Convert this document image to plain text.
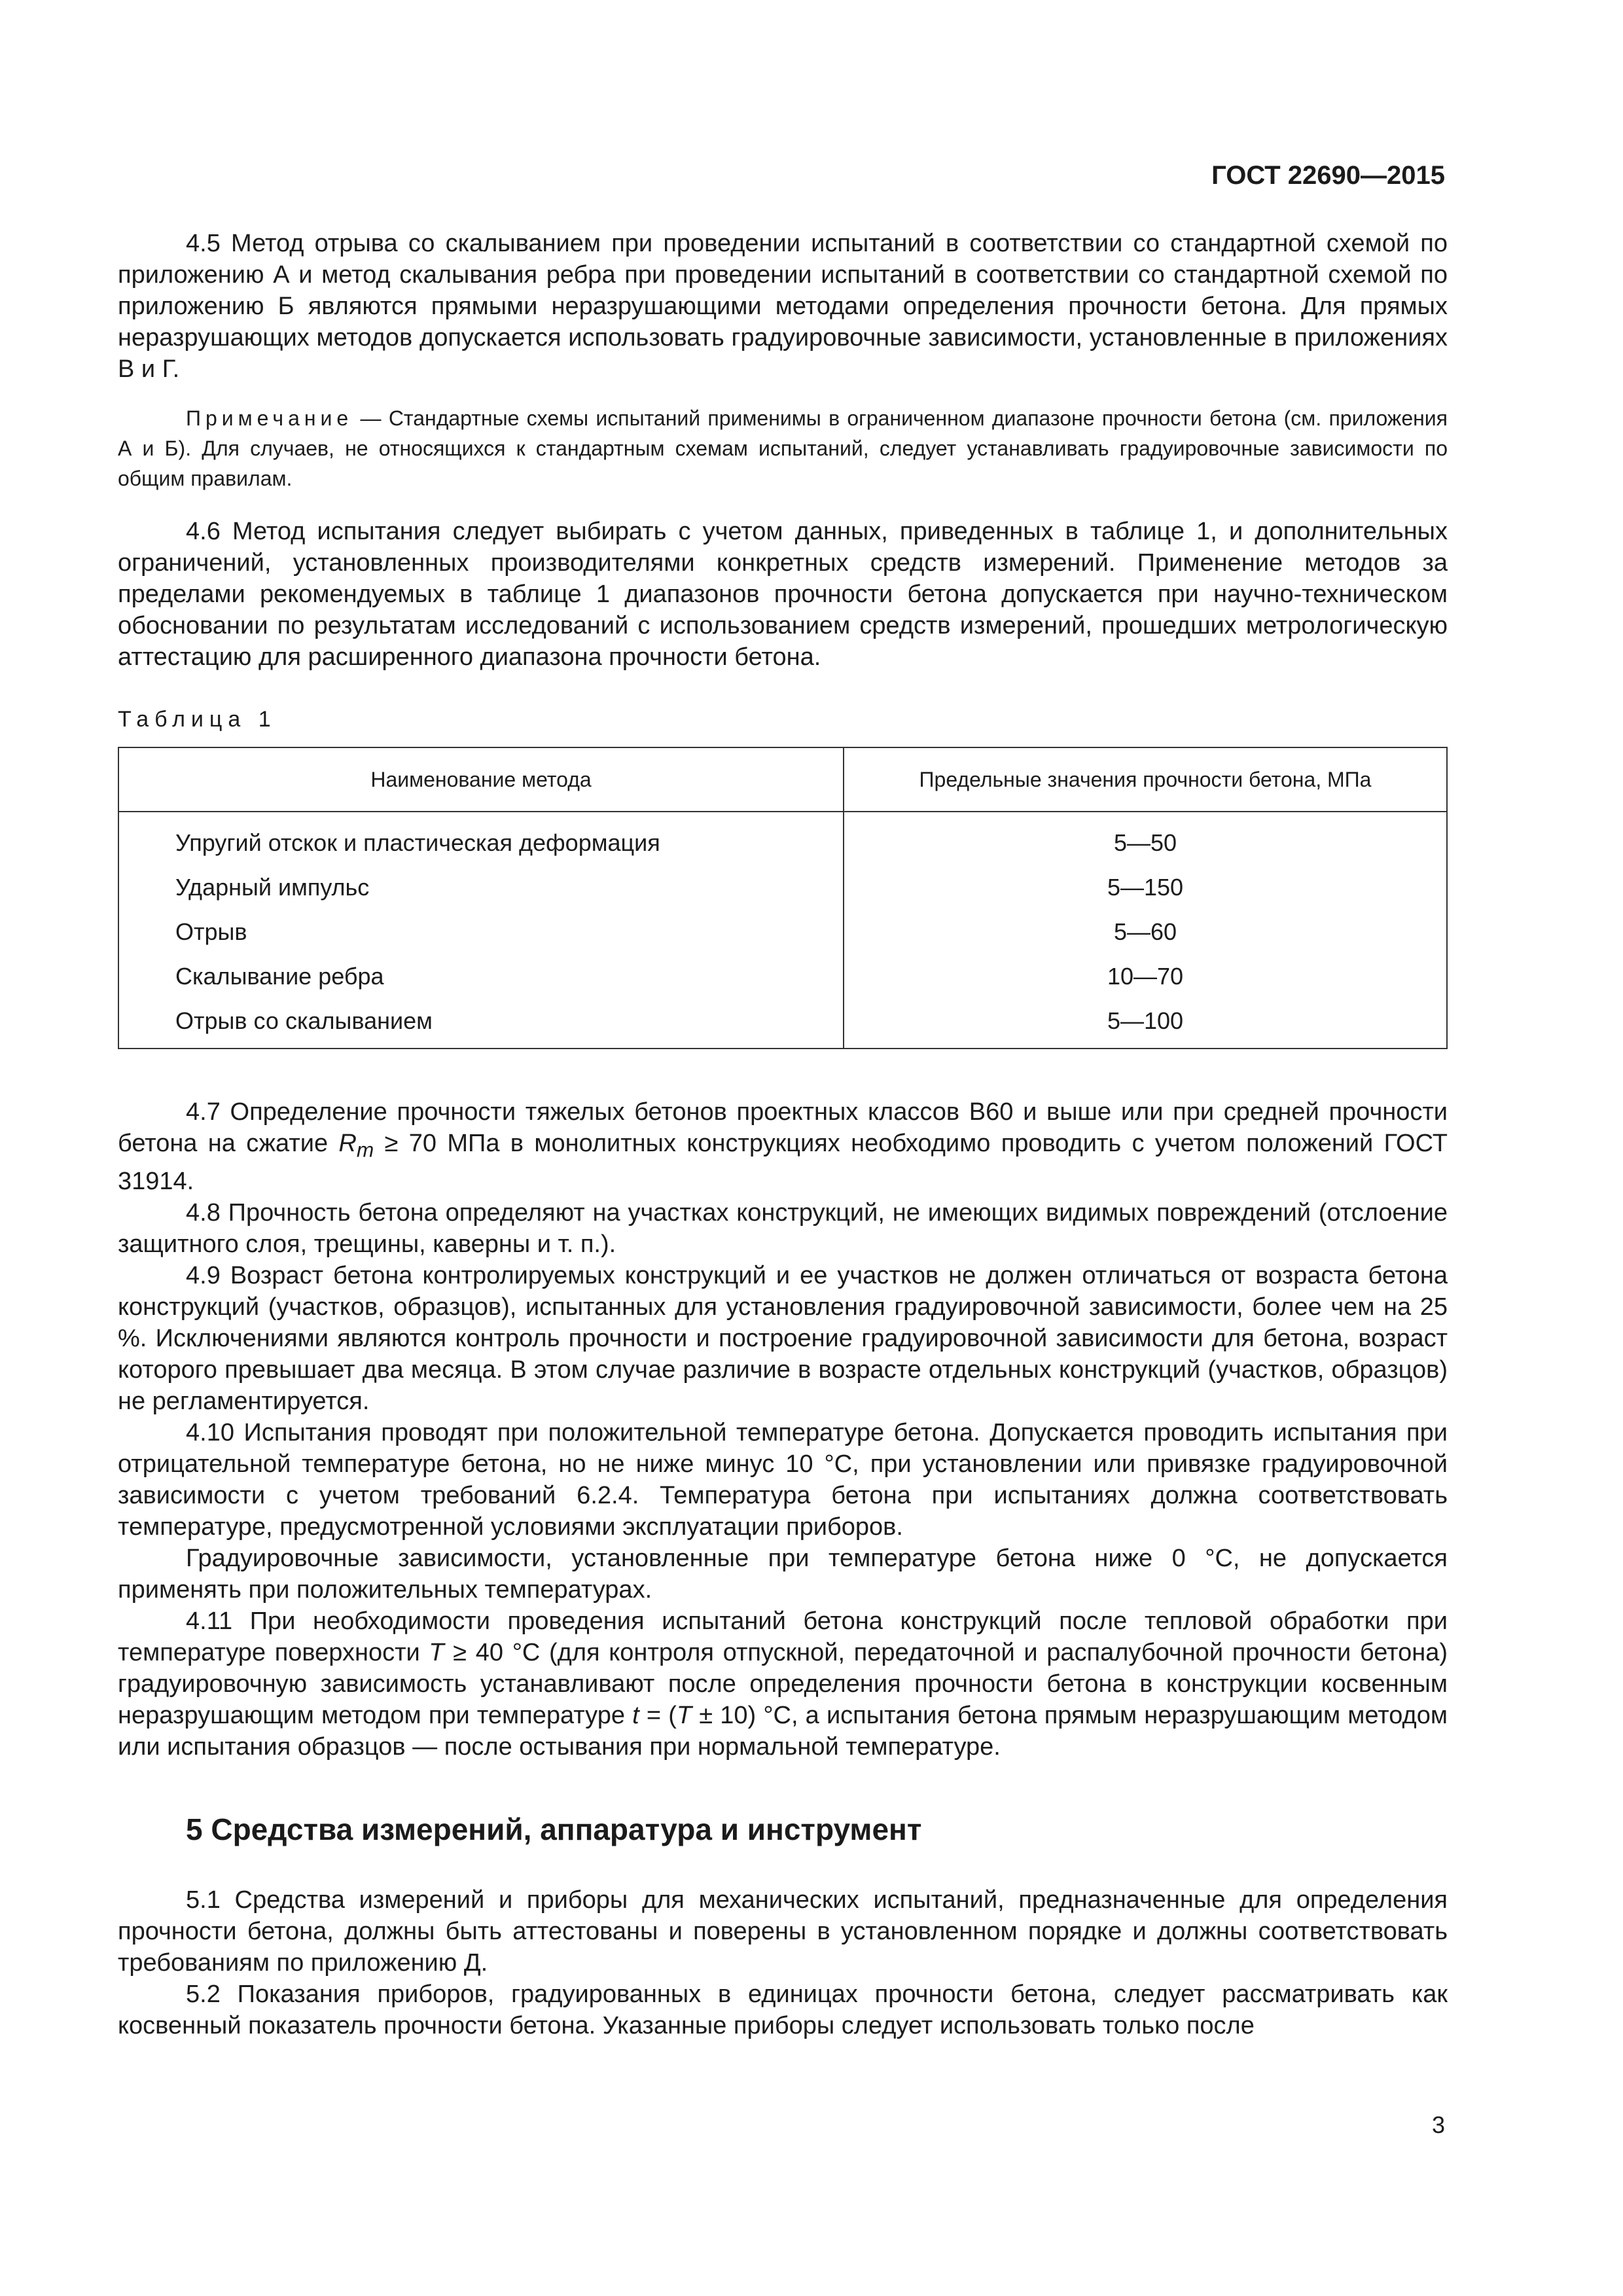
ГОСТ 22690—2015

4.5 Метод отрыва со скалыванием при проведении испытаний в соответствии со стандартной схемой по приложению А и метод скалывания ребра при проведении испытаний в соответствии со стандартной схемой по приложению Б являются прямыми неразрушающими методами определения прочности бетона. Для прямых неразрушающих методов допускается использовать градуировочные зависимости, установленные в приложениях В и Г.

Примечание — Стандартные схемы испытаний применимы в ограниченном диапазоне прочности бетона (см. приложения А и Б). Для случаев, не относящихся к стандартным схемам испытаний, следует устанавливать градуировочные зависимости по общим правилам.

4.6 Метод испытания следует выбирать с учетом данных, приведенных в таблице 1, и дополнительных ограничений, установленных производителями конкретных средств измерений. Применение методов за пределами рекомендуемых в таблице 1 диапазонов прочности бетона допускается при научно-техническом обосновании по результатам исследований с использованием средств измерений, прошедших метрологическую аттестацию для расширенного диапазона прочности бетона.

Таблица 1
Наименование метода	Предельные значения прочности бетона, МПа
Упругий отскок и пластическая деформация	5—50
Ударный импульс	5—150
Отрыв	5—60
Скалывание ребра	10—70
Отрыв со скалыванием	5—100

4.7 Определение прочности тяжелых бетонов проектных классов В60 и выше или при средней прочности бетона на сжатие $R_m \ge 70$ МПа в монолитных конструкциях необходимо проводить с учетом положений ГОСТ 31914.

4.8 Прочность бетона определяют на участках конструкций, не имеющих видимых повреждений (отслоение защитного слоя, трещины, каверны и т. п.).

4.9 Возраст бетона контролируемых конструкций и ее участков не должен отличаться от возраста бетона конструкций (участков, образцов), испытанных для установления градуировочной зависимости, более чем на 25 %. Исключениями являются контроль прочности и построение градуировочной зависимости для бетона, возраст которого превышает два месяца. В этом случае различие в возрасте отдельных конструкций (участков, образцов) не регламентируется.

4.10 Испытания проводят при положительной температуре бетона. Допускается проводить испытания при отрицательной температуре бетона, но не ниже минус 10 °С, при установлении или привязке градуировочной зависимости с учетом требований 6.2.4. Температура бетона при испытаниях должна соответствовать температуре, предусмотренной условиями эксплуатации приборов.

Градуировочные зависимости, установленные при температуре бетона ниже 0 °С, не допускается применять при положительных температурах.

4.11 При необходимости проведения испытаний бетона конструкций после тепловой обработки при температуре поверхности T ≥ 40 °С (для контроля отпускной, передаточной и распалубочной прочности бетона) градуировочную зависимость устанавливают после определения прочности бетона в конструкции косвенным неразрушающим методом при температуре t = (T ± 10) °С, а испытания бетона прямым неразрушающим методом или испытания образцов — после остывания при нормальной температуре.

5 Средства измерений, аппаратура и инструмент

5.1 Средства измерений и приборы для механических испытаний, предназначенные для определения прочности бетона, должны быть аттестованы и поверены в установленном порядке и должны соответствовать требованиям по приложению Д.

5.2 Показания приборов, градуированных в единицах прочности бетона, следует рассматривать как косвенный показатель прочности бетона. Указанные приборы следует использовать только после

3
